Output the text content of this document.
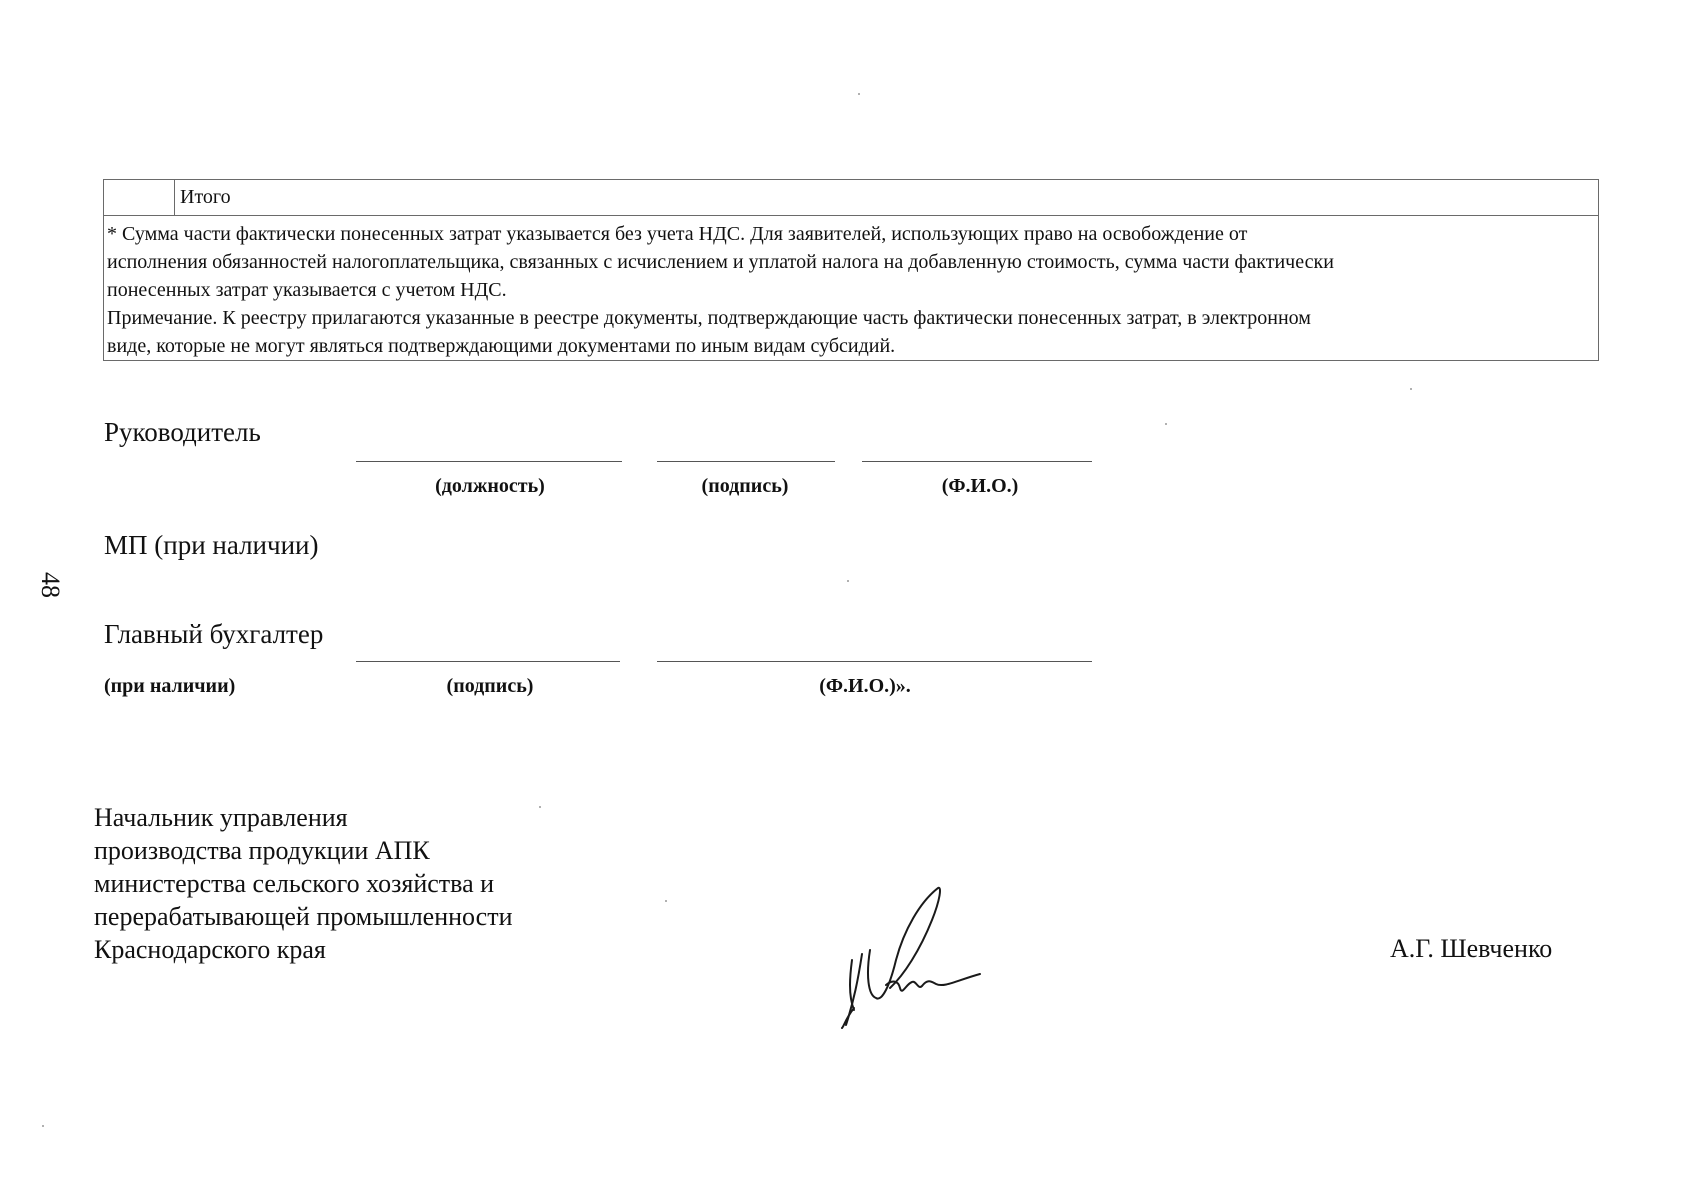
	Итого

* Сумма части фактически понесенных затрат указывается без учета НДС. Для заявителей, использующих право на освобождение от
исполнения обязанностей налогоплательщика, связанных с исчислением и уплатой налога на добавленную стоимость, сумма части фактически
понесенных затрат указывается с учетом НДС.
Примечание. К реестру прилагаются указанные в реестре документы, подтверждающие часть фактически понесенных затрат, в электронном
виде, которые не могут являться подтверждающими документами по иным видам субсидий.
Руководитель
(должность)	(подпись)	(Ф.И.О.)
МП (при наличии)
Главный бухгалтер
(при наличии)	(подпись)	(Ф.И.О.)».
48
Начальник управления
производства продукции АПК
министерства сельского хозяйства и
перерабатывающей промышленности
Краснодарского края	А.Г. Шевченко
